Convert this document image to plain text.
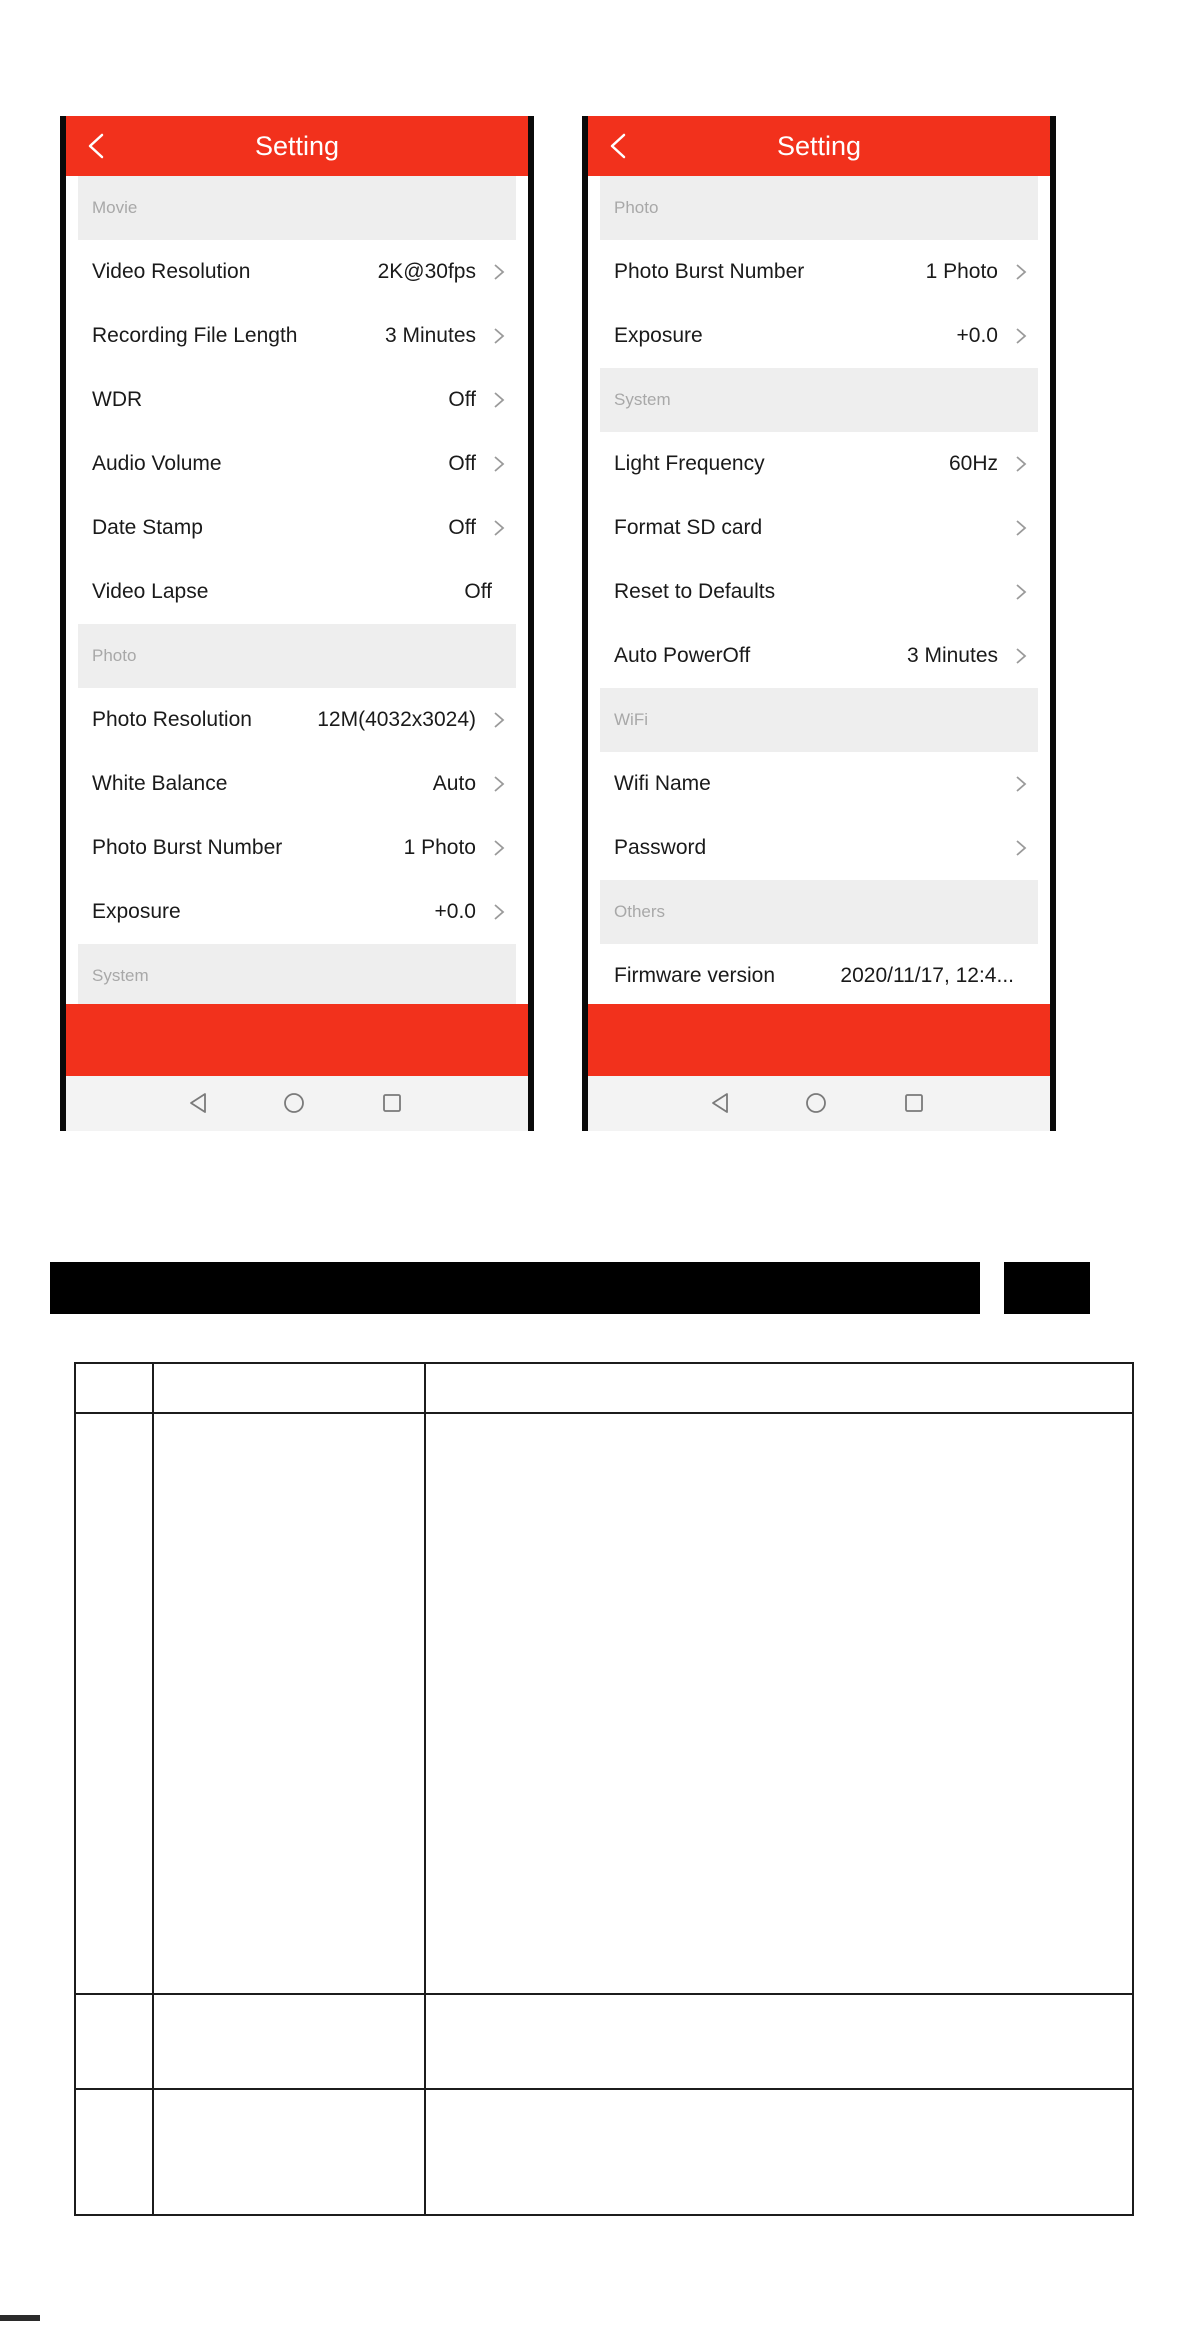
Setting
Movie
Video Resolution	2K@30fps
Recording File Length	3 Minutes
WDR	Off
Audio Volume	Off
Date Stamp	Off
Video Lapse	Off
Photo
Photo Resolution	12M(4032x3024)
White Balance	Auto
Photo Burst Number	1 Photo
Exposure	+0.0
System
Setting
Photo
Photo Burst Number	1 Photo
Exposure	+0.0
System
Light Frequency	60Hz
Format SD card
Reset to Defaults
Auto PowerOff	3 Minutes
WiFi
Wifi Name
Password
Others
Firmware version	2020/11/17, 12:4...
